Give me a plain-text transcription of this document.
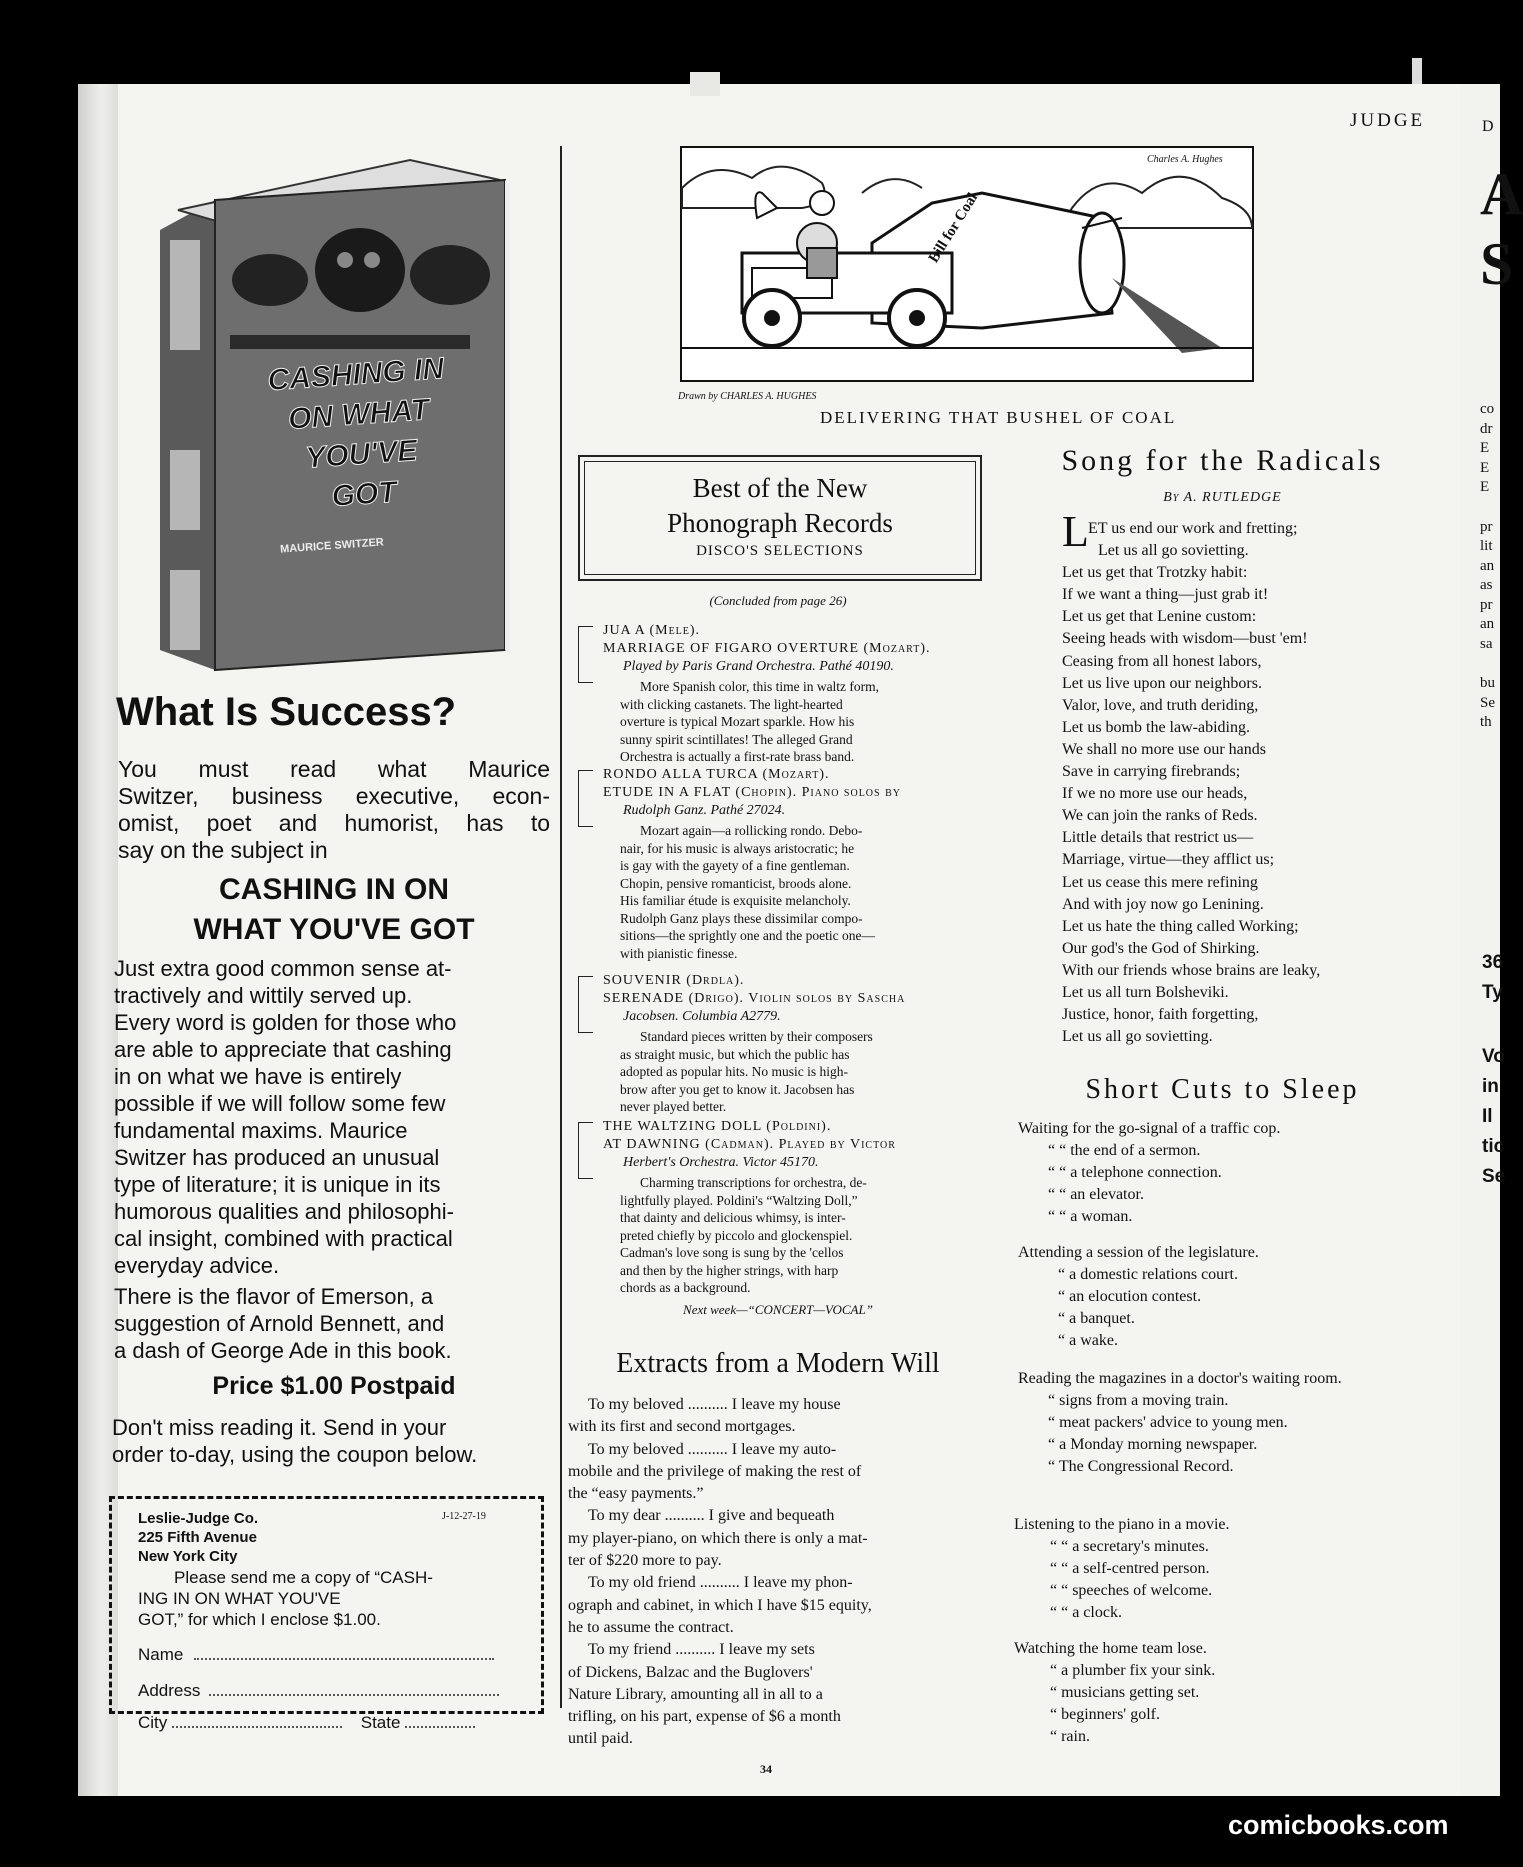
JUDGE	D
A
S
co
dr
E
E
E
pr
lit
an
as
pr
an
sa
bu
Se
th
36
Ty
Vo
in
Il
tic
Se
CASHING IN
ON WHAT
YOU'VE
GOT
MAURICE SWITZER
What Is Success?
You must read what Maurice
Switzer, business executive, econ-
omist, poet and humorist, has to
say on the subject in
CASHING IN ON
WHAT YOU'VE GOT
Just extra good common sense at-
tractively and wittily served up.
Every word is golden for those who
are able to appreciate that cashing
in on what we have is entirely
possible if we will follow some few
fundamental maxims. Maurice
Switzer has produced an unusual
type of literature; it is unique in its
humorous qualities and philosophi-
cal insight, combined with practical
everyday advice.
There is the flavor of Emerson, a
suggestion of Arnold Bennett, and
a dash of George Ade in this book.
Price $1.00 Postpaid
Don't miss reading it. Send in your
order to-day, using the coupon below.
Leslie-Judge Co.
225 Fifth Avenue
New York City
J-12-27-19
Please send me a copy of “CASH-
ING IN ON WHAT YOU'VE
GOT,” for which I enclose $1.00.
Name
Address
City	State
Charles A. Hughes
Bill for Coal
Drawn by CHARLES A. HUGHES
DELIVERING THAT BUSHEL OF COAL
Best of the New
Phonograph Records
DISCO'S SELECTIONS
(Concluded from page 26)
JUA A (Mele).
MARRIAGE OF FIGARO OVERTURE (Mozart).
Played by Paris Grand Orchestra. Pathé 40190.
More Spanish color, this time in waltz form,
with clicking castanets. The light-hearted
overture is typical Mozart sparkle. How his
sunny spirit scintillates! The alleged Grand
Orchestra is actually a first-rate brass band.
RONDO ALLA TURCA (Mozart).
ETUDE IN A FLAT (Chopin). Piano solos by
Rudolph Ganz. Pathé 27024.
Mozart again—a rollicking rondo. Debo-
nair, for his music is always aristocratic; he
is gay with the gayety of a fine gentleman.
Chopin, pensive romanticist, broods alone.
His familiar étude is exquisite melancholy.
Rudolph Ganz plays these dissimilar compo-
sitions—the sprightly one and the poetic one—
with pianistic finesse.
SOUVENIR (Drdla).
SERENADE (Drigo). Violin solos by Sascha
Jacobsen. Columbia A2779.
Standard pieces written by their composers
as straight music, but which the public has
adopted as popular hits. No music is high-
brow after you get to know it. Jacobsen has
never played better.
THE WALTZING DOLL (Poldini).
AT DAWNING (Cadman). Played by Victor
Herbert's Orchestra. Victor 45170.
Charming transcriptions for orchestra, de-
lightfully played. Poldini's “Waltzing Doll,”
that dainty and delicious whimsy, is inter-
preted chiefly by piccolo and glockenspiel.
Cadman's love song is sung by the 'cellos
and then by the higher strings, with harp
chords as a background.
Next week—“CONCERT—VOCAL”
Extracts from a Modern Will
To my beloved .......... I leave my house
with its first and second mortgages.
To my beloved .......... I leave my auto-
mobile and the privilege of making the rest of
the “easy payments.”
To my dear .......... I give and bequeath
my player-piano, on which there is only a mat-
ter of $220 more to pay.
To my old friend .......... I leave my phon-
ograph and cabinet, in which I have $15 equity,
he to assume the contract.
To my friend .......... I leave my sets
of Dickens, Balzac and the Buglovers'
Nature Library, amounting all in all to a
trifling, on his part, expense of $6 a month
until paid.
34
Song for the Radicals
By A. RUTLEDGE
L ET us end our work and fretting;
Let us all go sovietting.
Let us get that Trotzky habit:
If we want a thing—just grab it!
Let us get that Lenine custom:
Seeing heads with wisdom—bust 'em!
Ceasing from all honest labors,
Let us live upon our neighbors.
Valor, love, and truth deriding,
Let us bomb the law-abiding.
We shall no more use our hands
Save in carrying firebrands;
If we no more use our heads,
We can join the ranks of Reds.
Little details that restrict us—
Marriage, virtue—they afflict us;
Let us cease this mere refining
And with joy now go Lenining.
Let us hate the thing called Working;
Our god's the God of Shirking.
With our friends whose brains are leaky,
Let us all turn Bolsheviki.
Justice, honor, faith forgetting,
Let us all go sovietting.
Short Cuts to Sleep
Waiting for the go-signal of a traffic cop.
“ “ the end of a sermon.
“ “ a telephone connection.
“ “ an elevator.
“ “ a woman.
Attending a session of the legislature.
“ a domestic relations court.
“ an elocution contest.
“ a banquet.
“ a wake.
Reading the magazines in a doctor's waiting room.
“ signs from a moving train.
“ meat packers' advice to young men.
“ a Monday morning newspaper.
“ The Congressional Record.
Listening to the piano in a movie.
“ “ a secretary's minutes.
“ “ a self-centred person.
“ “ speeches of welcome.
“ “ a clock.
Watching the home team lose.
“ a plumber fix your sink.
“ musicians getting set.
“ beginners' golf.
“ rain.
comicbooks.com
